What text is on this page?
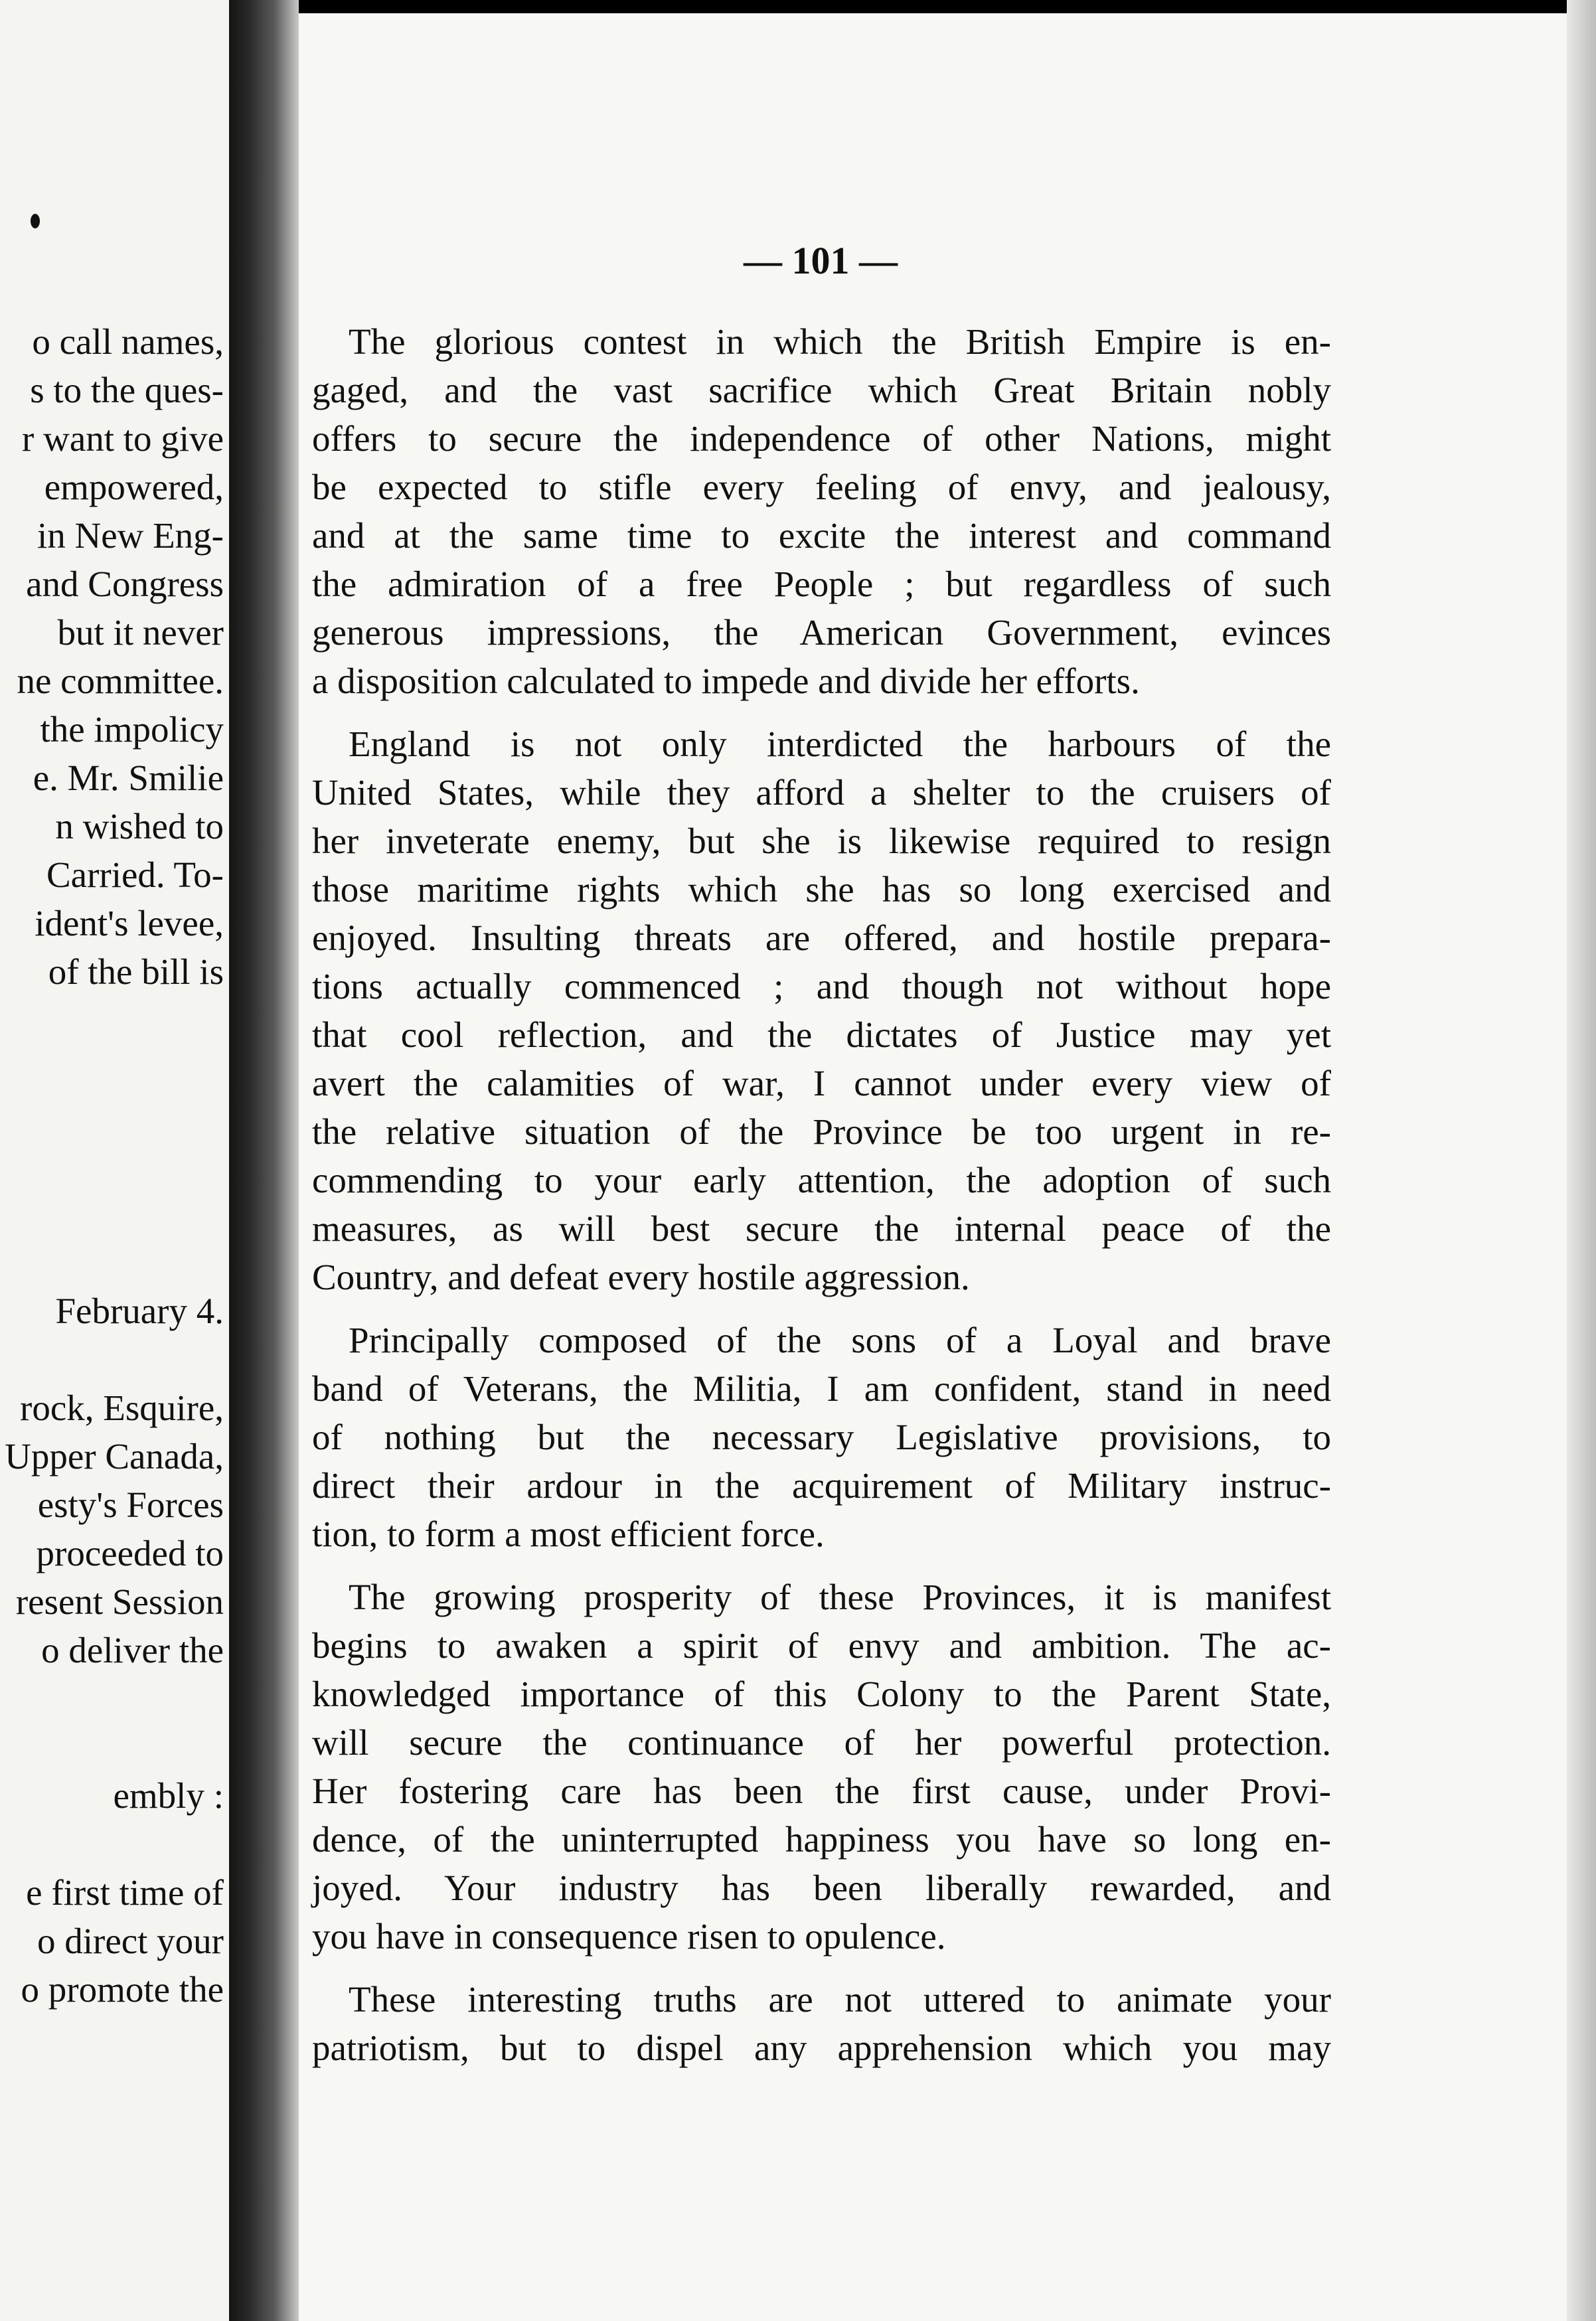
o call names,
s to the ques-
r want to give
empowered,
in New Eng-
and Congress
but it never
ne committee.
the impolicy
e. Mr. Smilie
n wished to
Carried. To-
ident's levee,
of the bill is
February 4.
rock, Esquire,
Upper Canada,
esty's Forces
proceeded to
resent Session
o deliver the
embly :
e first time of
o direct your
o promote the
— 101 —
The glorious contest in which the British Empire is en-
gaged, and the vast sacrifice which Great Britain nobly
offers to secure the independence of other Nations, might
be expected to stifle every feeling of envy, and jealousy,
and at the same time to excite the interest and command
the admiration of a free People ; but regardless of such
generous impressions, the American Government, evinces
a disposition calculated to impede and divide her efforts.
England is not only interdicted the harbours of the
United States, while they afford a shelter to the cruisers of
her inveterate enemy, but she is likewise required to resign
those maritime rights which she has so long exercised and
enjoyed. Insulting threats are offered, and hostile prepara-
tions actually commenced ; and though not without hope
that cool reflection, and the dictates of Justice may yet
avert the calamities of war, I cannot under every view of
the relative situation of the Province be too urgent in re-
commending to your early attention, the adoption of such
measures, as will best secure the internal peace of the
Country, and defeat every hostile aggression.
Principally composed of the sons of a Loyal and brave
band of Veterans, the Militia, I am confident, stand in need
of nothing but the necessary Legislative provisions, to
direct their ardour in the acquirement of Military instruc-
tion, to form a most efficient force.
The growing prosperity of these Provinces, it is manifest
begins to awaken a spirit of envy and ambition. The ac-
knowledged importance of this Colony to the Parent State,
will secure the continuance of her powerful protection.
Her fostering care has been the first cause, under Provi-
dence, of the uninterrupted happiness you have so long en-
joyed. Your industry has been liberally rewarded, and
you have in consequence risen to opulence.
These interesting truths are not uttered to animate your
patriotism, but to dispel any apprehension which you may
